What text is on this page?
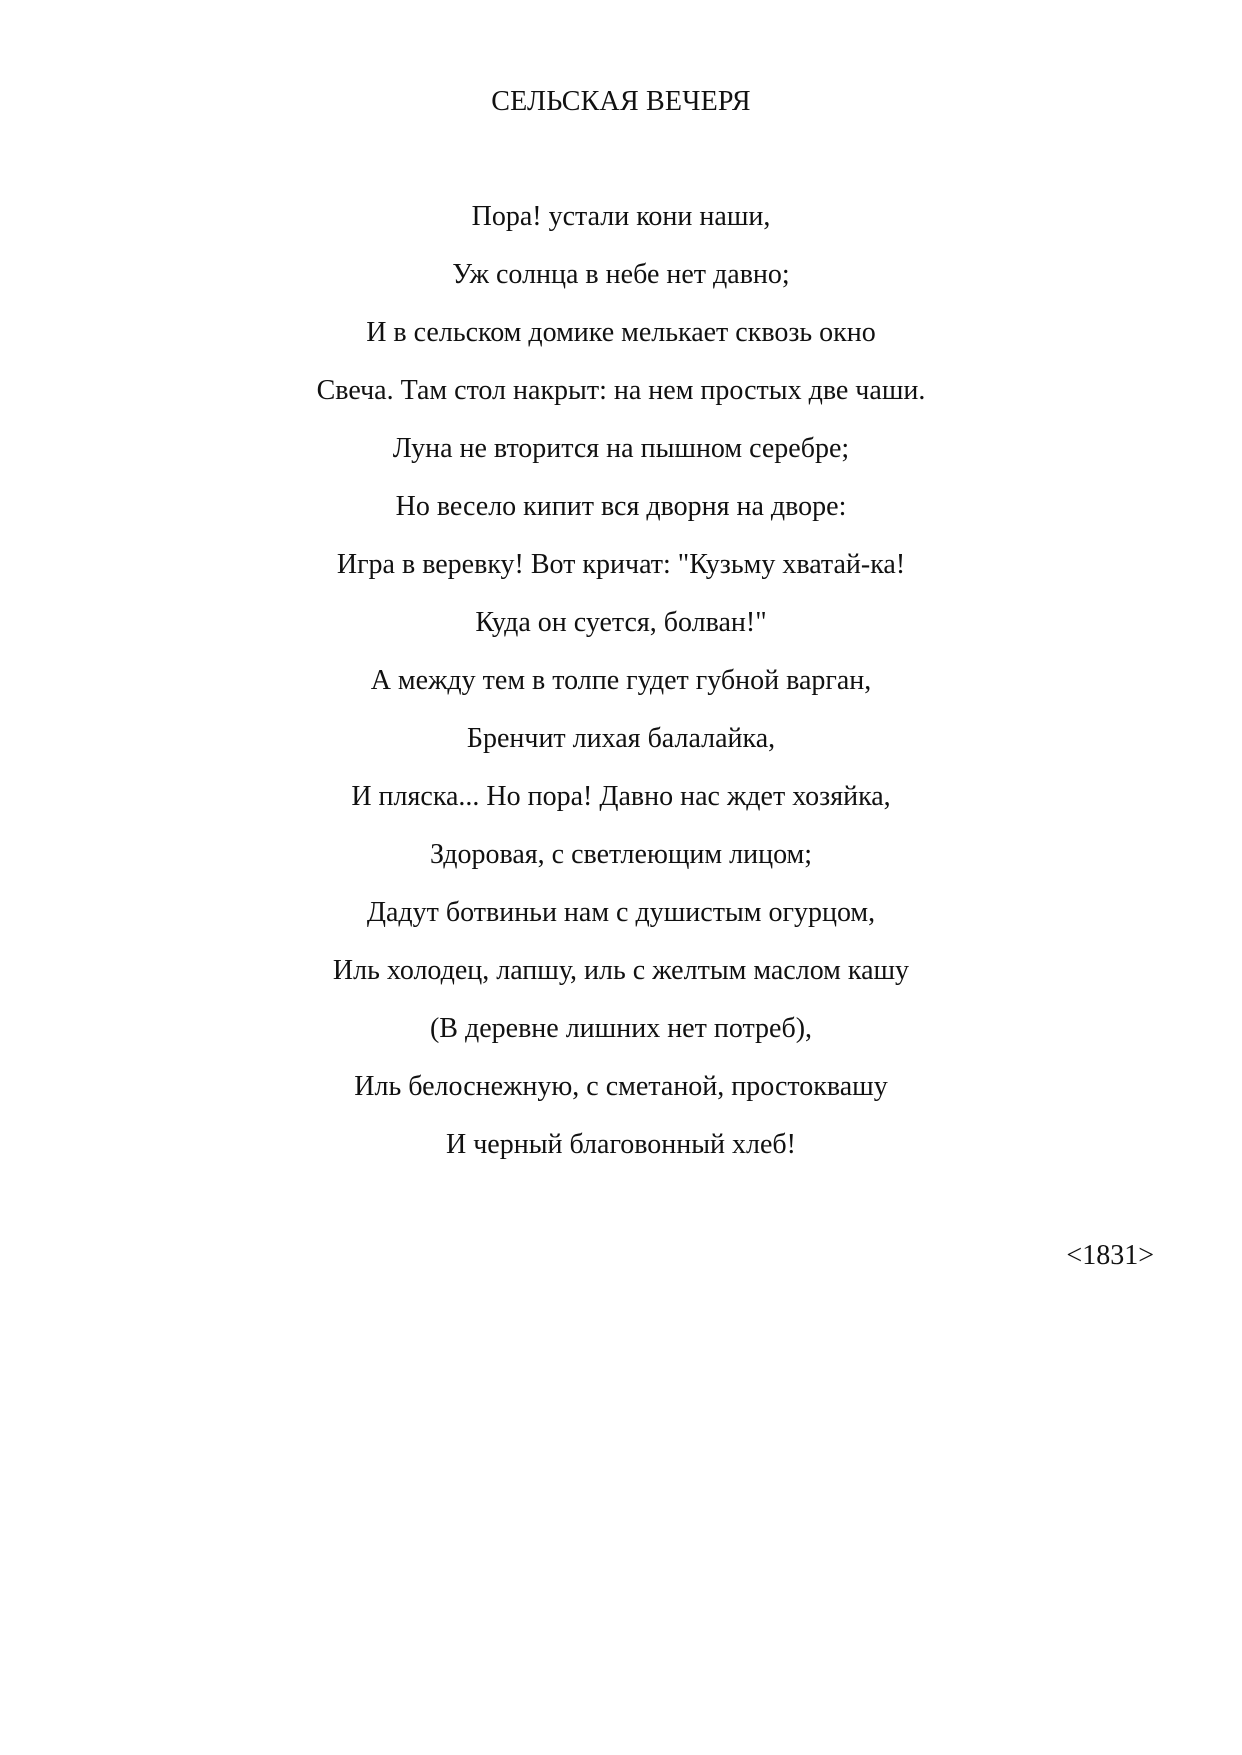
СЕЛЬСКАЯ ВЕЧЕРЯ
Пора! устали кони наши,
Уж солнца в небе нет давно;
И в сельском домике мелькает сквозь окно
Свеча. Там стол накрыт: на нем простых две чаши.
Луна не вторится на пышном серебре;
Но весело кипит вся дворня на дворе:
Игра в веревку! Вот кричат: "Кузьму хватай-ка!
Куда он суется, болван!"
А между тем в толпе гудет губной варган,
Бренчит лихая балалайка,
И пляска... Но пора! Давно нас ждет хозяйка,
Здоровая, с светлеющим лицом;
Дадут ботвиньи нам с душистым огурцом,
Иль холодец, лапшу, иль с желтым маслом кашу
(В деревне лишних нет потреб),
Иль белоснежную, с сметаной, простоквашу
И черный благовонный хлеб!
<1831>
